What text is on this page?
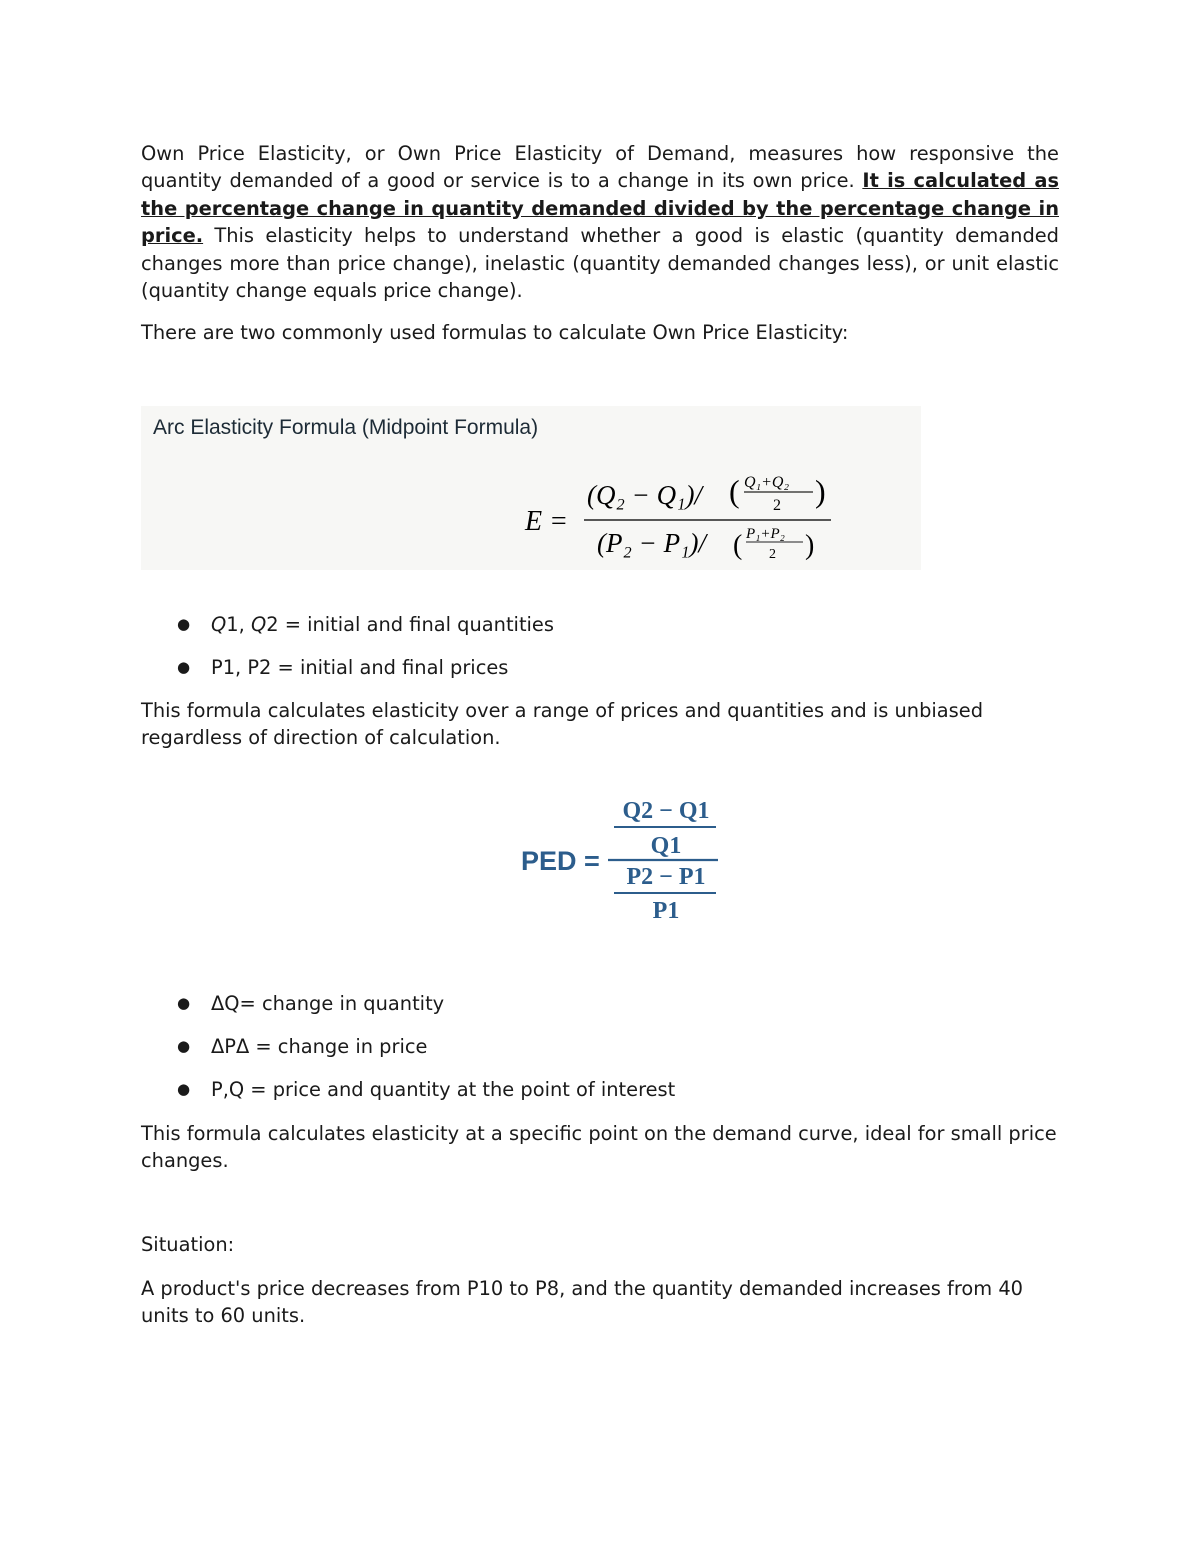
Own Price Elasticity, or Own Price Elasticity of Demand, measures how responsive the quantity demanded of a good or service is to a change in its own price. It is calculated as the percentage change in quantity demanded divided by the percentage change in price. This elasticity helps to understand whether a good is elastic (quantity demanded changes more than price change), inelastic (quantity demanded changes less), or unit elastic (quantity change equals price change).

There are two commonly used formulas to calculate Own Price Elasticity:

Arc Elasticity Formula (Midpoint Formula)
E =
(Q₂ − Q₁)/ ( Q₁+Q₂
2 )
(P₂ − P₁)/ ( P₁+P₂
2 )
● Q1, Q2 = initial and final quantities
● P1, P2 = initial and final prices

This formula calculates elasticity over a range of prices and quantities and is unbiased regardless of direction of calculation.

PED =
Q2 − Q1
Q1
P2 − P1
P1
● ΔQ= change in quantity
● ΔPΔ = change in price
● P,Q = price and quantity at the point of interest

This formula calculates elasticity at a specific point on the demand curve, ideal for small price changes.

Situation:

A product's price decreases from P10 to P8, and the quantity demanded increases from 40 units to 60 units.
